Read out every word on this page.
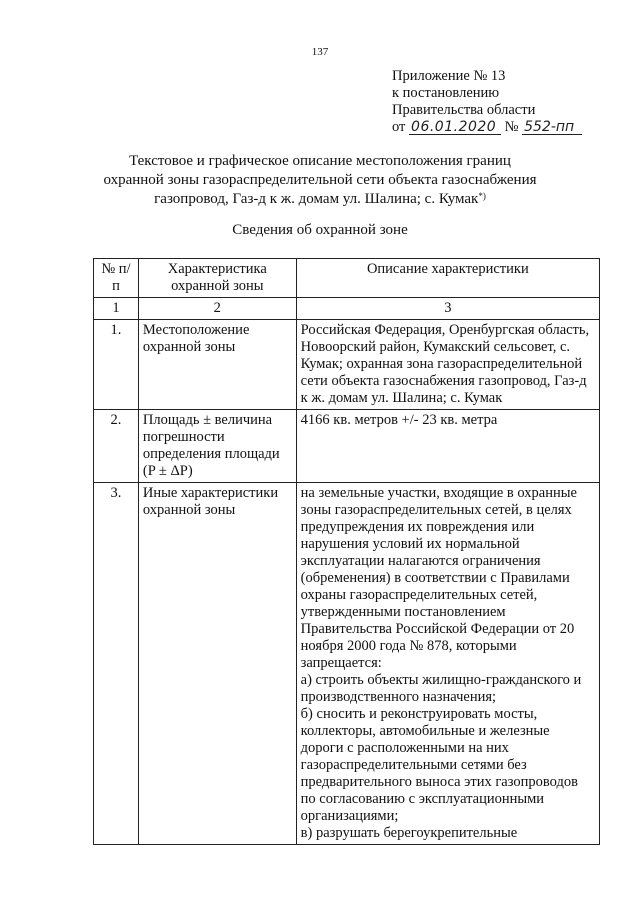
137
Приложение № 13
к постановлению
Правительства области
от 06.01.2020 № 552-пп
Текстовое и графическое описание местоположения границ
охранной зоны газораспределительной сети объекта газоснабжения
газопровод, Газ-д к ж. домам ул. Шалина; с. Кумак*)
Сведения об охранной зоне
№ п/п	Характеристика охранной зоны	Описание характеристики
1	2	3
1.	Местоположение охранной зоны	Российская Федерация, Оренбургская область, Новоорский район, Кумакский сельсовет, с. Кумак; охранная зона газораспределительной сети объекта газоснабжения газопровод, Газ-д к ж. домам ул. Шалина; с. Кумак
2.	Площадь ± величина погрешности определения площади (P ± ΔP)	4166 кв. метров +/- 23 кв. метра
3.	Иные характеристики охранной зоны	на земельные участки, входящие в охранные зоны газораспределительных сетей, в целях предупреждения их повреждения или нарушения условий их нормальной эксплуатации налагаются ограничения (обременения) в соответствии с Правилами охраны газораспределительных сетей, утвержденными постановлением Правительства Российской Федерации от 20 ноября 2000 года № 878, которыми запрещается:
а) строить объекты жилищно-гражданского и производственного назначения;
б) сносить и реконструировать мосты, коллекторы, автомобильные и железные дороги с расположенными на них газораспределительными сетями без предварительного выноса этих газопроводов по согласованию с эксплуатационными организациями;
в) разрушать берегоукрепительные
